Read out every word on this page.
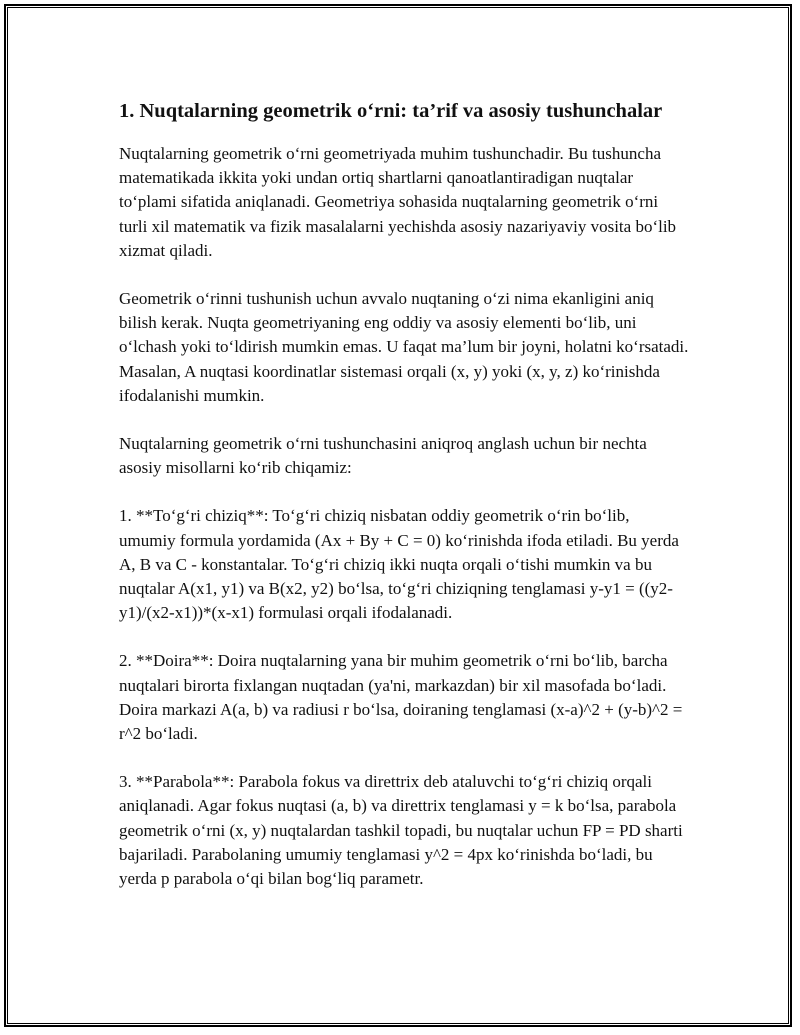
1. Nuqtalarning geometrik o‘rni: ta’rif va asosiy tushunchalar

Nuqtalarning geometrik o‘rni geometriyada muhim tushunchadir. Bu tushuncha matematikada ikkita yoki undan ortiq shartlarni qanoatlantiradigan nuqtalar to‘plami sifatida aniqlanadi. Geometriya sohasida nuqtalarning geometrik o‘rni turli xil matematik va fizik masalalarni yechishda asosiy nazariyaviy vosita bo‘lib xizmat qiladi.

Geometrik o‘rinni tushunish uchun avvalo nuqtaning o‘zi nima ekanligini aniq bilish kerak. Nuqta geometriyaning eng oddiy va asosiy elementi bo‘lib, uni o‘lchash yoki to‘ldirish mumkin emas. U faqat ma’lum bir joyni, holatni ko‘rsatadi. Masalan, A nuqtasi koordinatlar sistemasi orqali (x, y) yoki (x, y, z) ko‘rinishda ifodalanishi mumkin.

Nuqtalarning geometrik o‘rni tushunchasini aniqroq anglash uchun bir nechta asosiy misollarni ko‘rib chiqamiz:

1. **To‘g‘ri chiziq**: To‘g‘ri chiziq nisbatan oddiy geometrik o‘rin bo‘lib, umumiy formula yordamida (Ax + By + C = 0) ko‘rinishda ifoda etiladi. Bu yerda A, B va C - konstantalar. To‘g‘ri chiziq ikki nuqta orqali o‘tishi mumkin va bu nuqtalar A(x1, y1) va B(x2, y2) bo‘lsa, to‘g‘ri chiziqning tenglamasi y-y1 = ((y2-y1)/(x2-x1))*(x-x1) formulasi orqali ifodalanadi.

2. **Doira**: Doira nuqtalarning yana bir muhim geometrik o‘rni bo‘lib, barcha nuqtalari birorta fixlangan nuqtadan (ya'ni, markazdan) bir xil masofada bo‘ladi. Doira markazi A(a, b) va radiusi r bo‘lsa, doiraning tenglamasi (x-a)^2 + (y-b)^2 = r^2 bo‘ladi.

3. **Parabola**: Parabola fokus va direttrix deb ataluvchi to‘g‘ri chiziq orqali aniqlanadi. Agar fokus nuqtasi (a, b) va direttrix tenglamasi y = k bo‘lsa, parabola geometrik o‘rni (x, y) nuqtalardan tashkil topadi, bu nuqtalar uchun FP = PD sharti bajariladi. Parabolaning umumiy tenglamasi y^2 = 4px ko‘rinishda bo‘ladi, bu yerda p parabola o‘qi bilan bog‘liq parametr.
